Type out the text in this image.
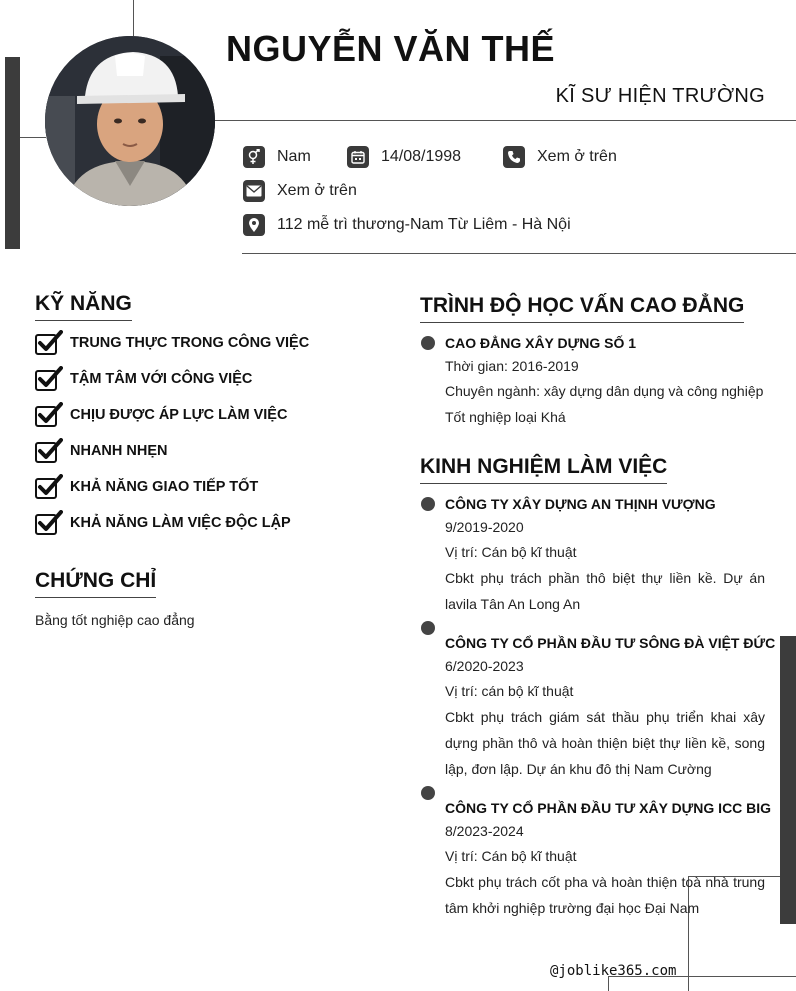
NGUYỄN VĂN THẾ
KĨ SƯ HIỆN TRƯỜNG
Nam	14/08/1998	Xem ở trên
Xem ở trên
112 mễ trì thương-Nam Từ Liêm - Hà Nội
KỸ NĂNG
TRUNG THỰC TRONG CÔNG VIỆC
TẬM TÂM VỚI CÔNG VIỆC
CHỊU ĐƯỢC ÁP LỰC LÀM VIỆC
NHANH NHẸN
KHẢ NĂNG GIAO TIẾP TỐT
KHẢ NĂNG LÀM VIỆC ĐỘC LẬP
CHỨNG CHỈ
Bằng tốt nghiệp cao đẳng
TRÌNH ĐỘ HỌC VẤN CAO ĐẲNG
CAO ĐẲNG XÂY DỰNG SỐ 1
Thời gian: 2016-2019
Chuyên ngành: xây dựng dân dụng và công nghiệp
Tốt nghiệp loại Khá
KINH NGHIỆM LÀM VIỆC
CÔNG TY XÂY DỰNG AN THỊNH VƯỢNG
9/2019-2020
Vị trí: Cán bộ kĩ thuật
Cbkt phụ trách phần thô biệt thự liền kề. Dự án lavila Tân An Long An
CÔNG TY CỔ PHẦN ĐẦU TƯ SÔNG ĐÀ VIỆT ĐỨC
6/2020-2023
Vị trí: cán bộ kĩ thuật
Cbkt phụ trách giám sát thầu phụ triển khai xây dựng phần thô và hoàn thiện biệt thự liền kề, song lập, đơn lập. Dự án khu đô thị Nam Cường
CÔNG TY CỔ PHẦN ĐẦU TƯ XÂY DỰNG ICC BIG
8/2023-2024
Vị trí: Cán bộ kĩ thuật
Cbkt phụ trách cốt pha và hoàn thiện toà nhà trung tâm khởi nghiệp trường đại học Đại Nam
@joblike365.com
